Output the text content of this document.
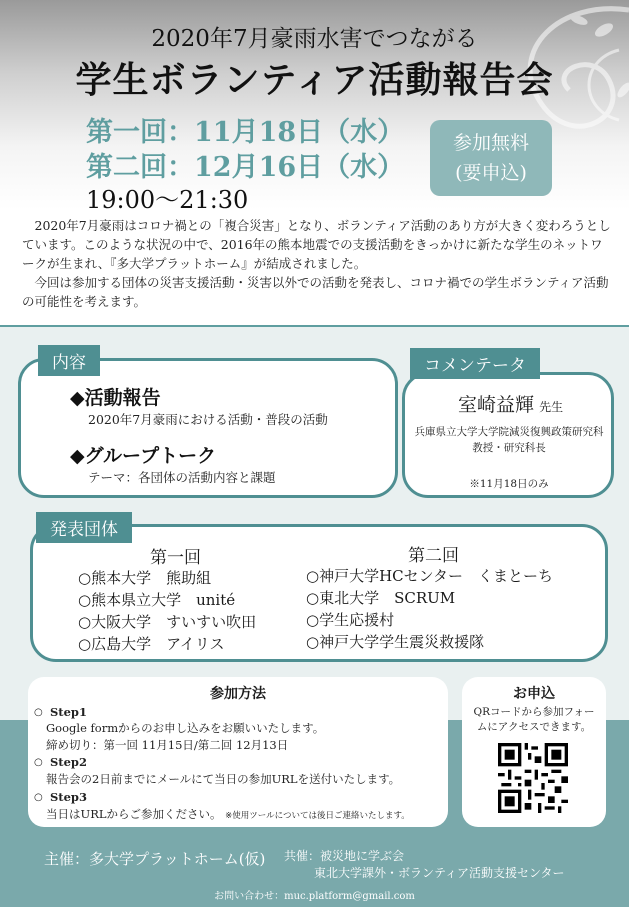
2020年7月豪雨水害でつながる
学生ボランティア活動報告会
第一回：11月18日（水）
第二回：12月16日（水）
19:00〜21:30
参加無料
(要申込)

2020年7月豪雨はコロナ禍との「複合災害」となり、ボランティア活動のあり方が大きく変わろうとしています。このような状況の中で、2016年の熊本地震での支援活動をきっかけに新たな学生のネットワークが生まれ、『多大学プラットホーム』が結成されました。

今回は参加する団体の災害支援活動・災害以外での活動を発表し、コロナ禍での学生ボランティア活動の可能性を考えます。

内容
◆活動報告
2020年7月豪雨における活動・普段の活動
◆グループトーク
テーマ：各団体の活動内容と課題
コメンテータ
室崎益輝 先生
兵庫県立大学大学院減災復興政策研究科
教授・研究科長
※11月18日のみ
発表団体
第一回
○熊本大学　熊助組
○熊本県立大学　unité
○大阪大学　すいすい吹田
○広島大学　アイリス
第二回
○神戸大学HCセンター　くまとーち
○東北大学　SCRUM
○学生応援村
○神戸大学学生震災救援隊
参加方法
○ Step1
Google formからのお申し込みをお願いいたします。
締め切り：第一回 11月15日/第二回 12月13日
○ Step2
報告会の2日前までにメールにて当日の参加URLを送付いたします。
○ Step3
当日はURLからご参加ください。 ※使用ツールについては後日ご連絡いたします。
お申込
QRコードから参加フォー
ムにアクセスできます。
主催：多大学プラットホーム(仮) 共催：被災地に学ぶ会
東北大学課外・ボランティア活動支援センター
お問い合わせ：muc.platform@gmail.com
